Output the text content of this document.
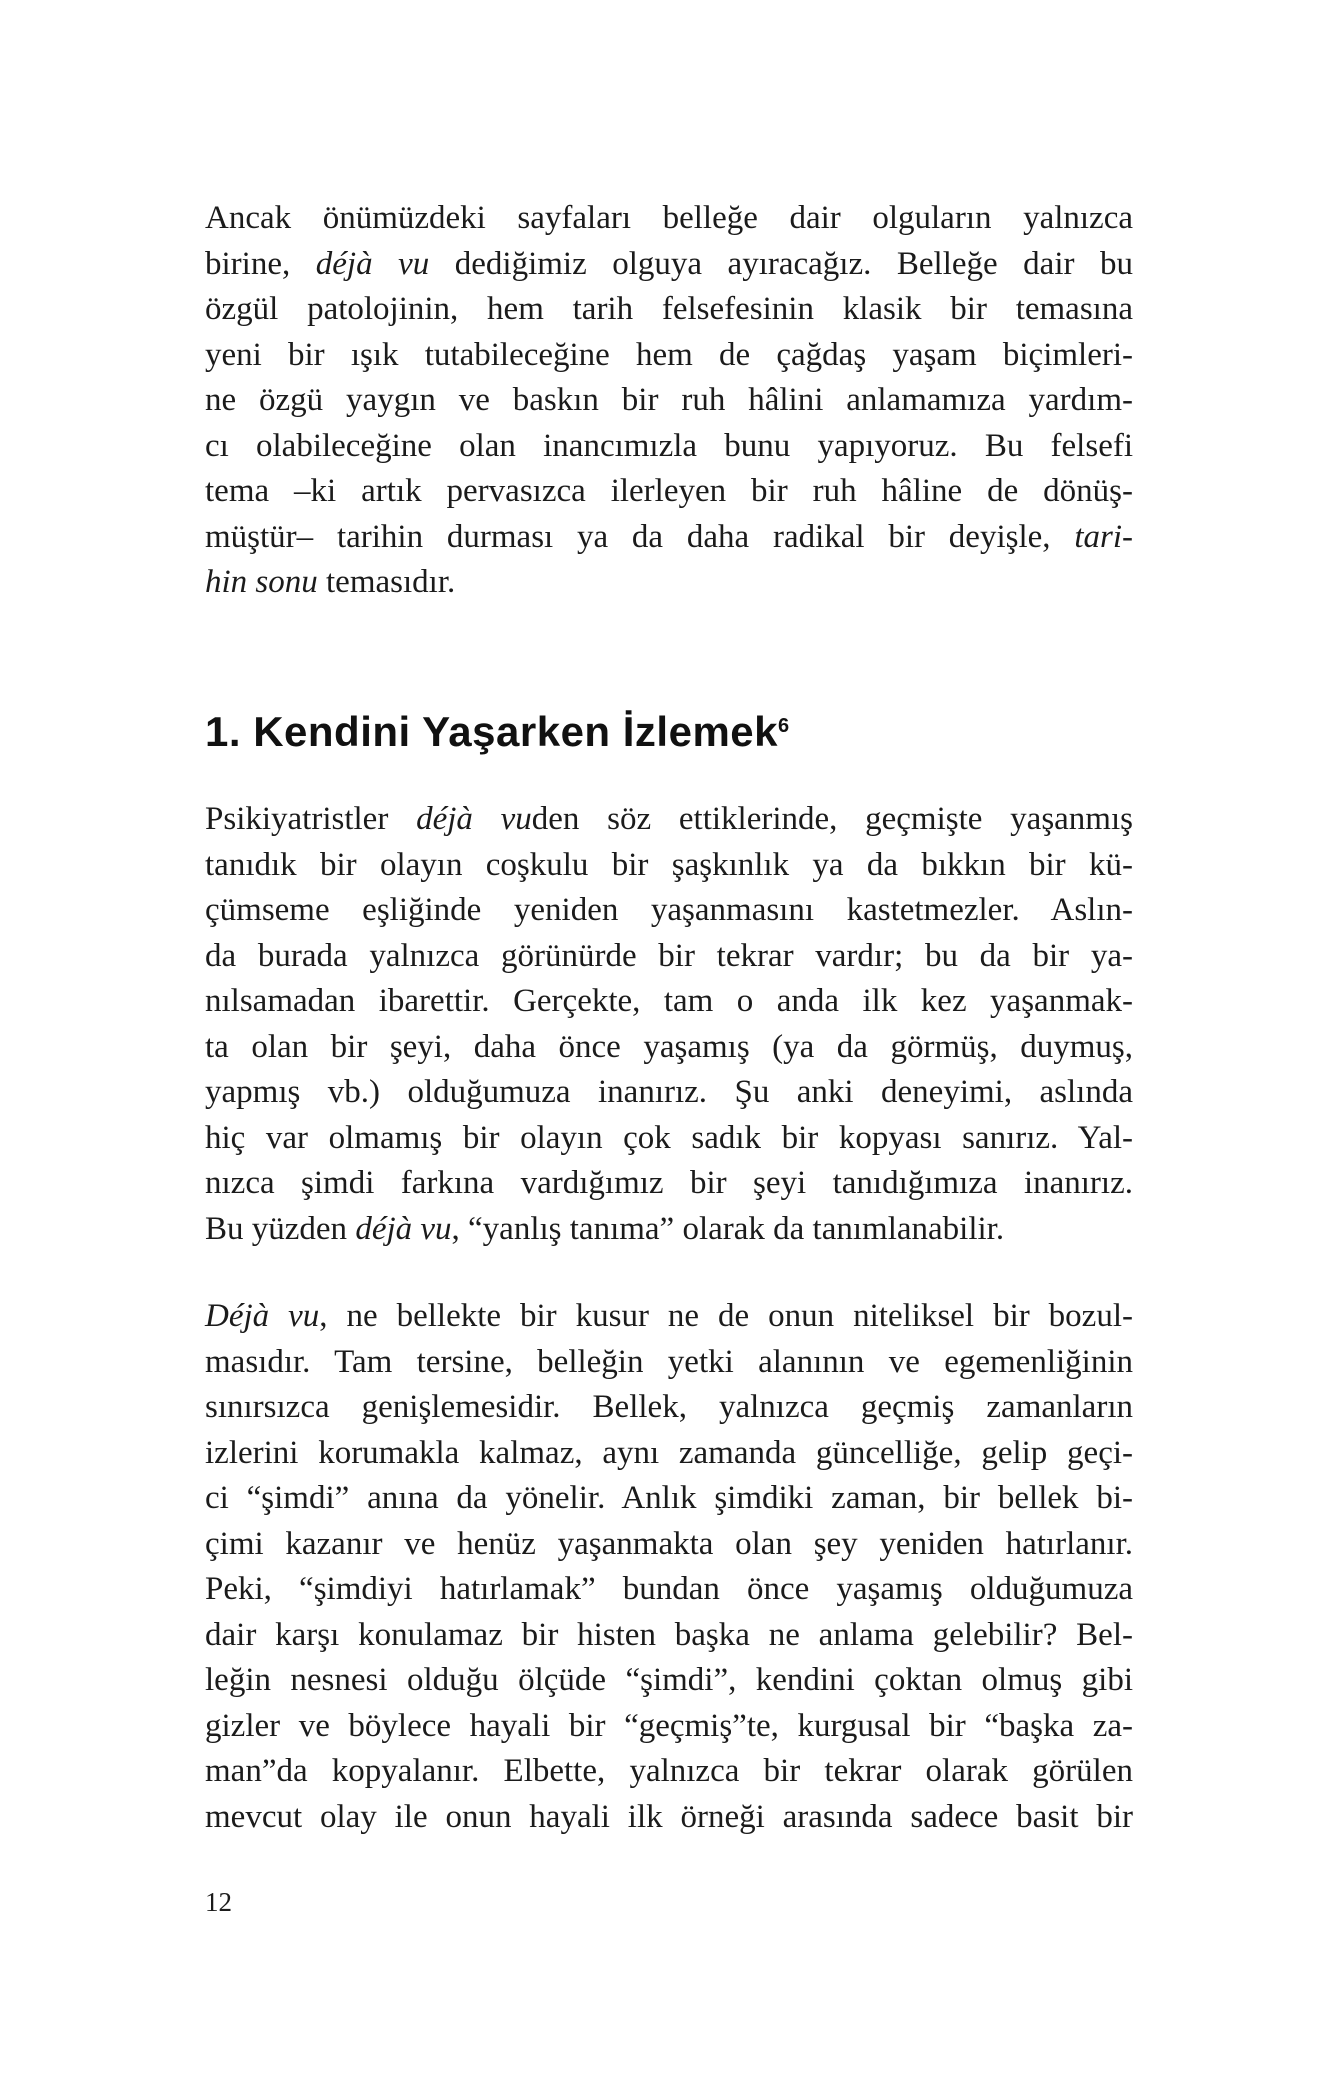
Ancak önümüzdeki sayfaları belleğe dair olguların yalnızca
birine, déjà vu dediğimiz olguya ayıracağız. Belleğe dair bu
özgül patolojinin, hem tarih felsefesinin klasik bir temasına
yeni bir ışık tutabileceğine hem de çağdaş yaşam biçimleri-
ne özgü yaygın ve baskın bir ruh hâlini anlamamıza yardım-
cı olabileceğine olan inancımızla bunu yapıyoruz. Bu felsefi
tema –ki artık pervasızca ilerleyen bir ruh hâline de dönüş-
müştür– tarihin durması ya da daha radikal bir deyişle, tari-
hin sonu temasıdır.
1. Kendini Yaşarken İzlemek$^6$
Psikiyatristler déjà vuden söz ettiklerinde, geçmişte yaşanmış
tanıdık bir olayın coşkulu bir şaşkınlık ya da bıkkın bir kü-
çümseme eşliğinde yeniden yaşanmasını kastetmezler. Aslın-
da burada yalnızca görünürde bir tekrar vardır; bu da bir ya-
nılsamadan ibarettir. Gerçekte, tam o anda ilk kez yaşanmak-
ta olan bir şeyi, daha önce yaşamış (ya da görmüş, duymuş,
yapmış vb.) olduğumuza inanırız. Şu anki deneyimi, aslında
hiç var olmamış bir olayın çok sadık bir kopyası sanırız. Yal-
nızca şimdi farkına vardığımız bir şeyi tanıdığımıza inanırız.
Bu yüzden déjà vu, “yanlış tanıma” olarak da tanımlanabilir.
Déjà vu, ne bellekte bir kusur ne de onun niteliksel bir bozul-
masıdır. Tam tersine, belleğin yetki alanının ve egemenliğinin
sınırsızca genişlemesidir. Bellek, yalnızca geçmiş zamanların
izlerini korumakla kalmaz, aynı zamanda güncelliğe, gelip geçi-
ci “şimdi” anına da yönelir. Anlık şimdiki zaman, bir bellek bi-
çimi kazanır ve henüz yaşanmakta olan şey yeniden hatırlanır.
Peki, “şimdiyi hatırlamak” bundan önce yaşamış olduğumuza
dair karşı konulamaz bir histen başka ne anlama gelebilir? Bel-
leğin nesnesi olduğu ölçüde “şimdi”, kendini çoktan olmuş gibi
gizler ve böylece hayali bir “geçmiş”te, kurgusal bir “başka za-
man”da kopyalanır. Elbette, yalnızca bir tekrar olarak görülen
mevcut olay ile onun hayali ilk örneği arasında sadece basit bir
12
